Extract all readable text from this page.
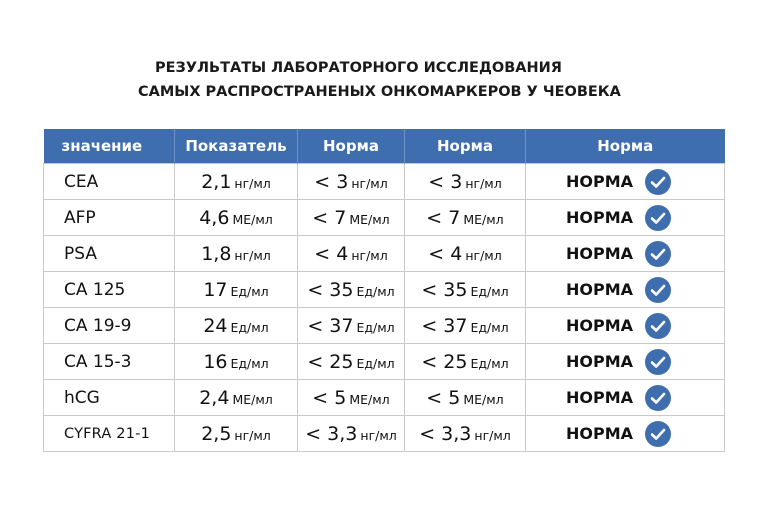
РЕЗУЛЬТАТЫ ЛАБОРАТОРНОГО ИССЛЕДОВАНИЯ
САМЫХ РАСПРОСТРАНЕНЫХ ОНКОМАРКЕРОВ У ЧЕОВЕКА
значение	Показатель	Норма	Норма	Норма
CEA	2,1 нг/мл	< 3 нг/мл	< 3 нг/мл	НОРМА

AFP	4,6 МЕ/мл	< 7 МЕ/мл	< 7 МЕ/мл	НОРМА

PSA	1,8 нг/мл	< 4 нг/мл	< 4 нг/мл	НОРМА

CA 125	17 Ед/мл	< 35 Ед/мл	< 35 Ед/мл	НОРМА

CA 19-9	24 Ед/мл	< 37 Ед/мл	< 37 Ед/мл	НОРМА

CA 15-3	16 Ед/мл	< 25 Ед/мл	< 25 Ед/мл	НОРМА

hCG	2,4 МЕ/мл	< 5 МЕ/мл	< 5 МЕ/мл	НОРМА

CYFRA 21-1	2,5 нг/мл	< 3,3 нг/мл	< 3,3 нг/мл	НОРМА
